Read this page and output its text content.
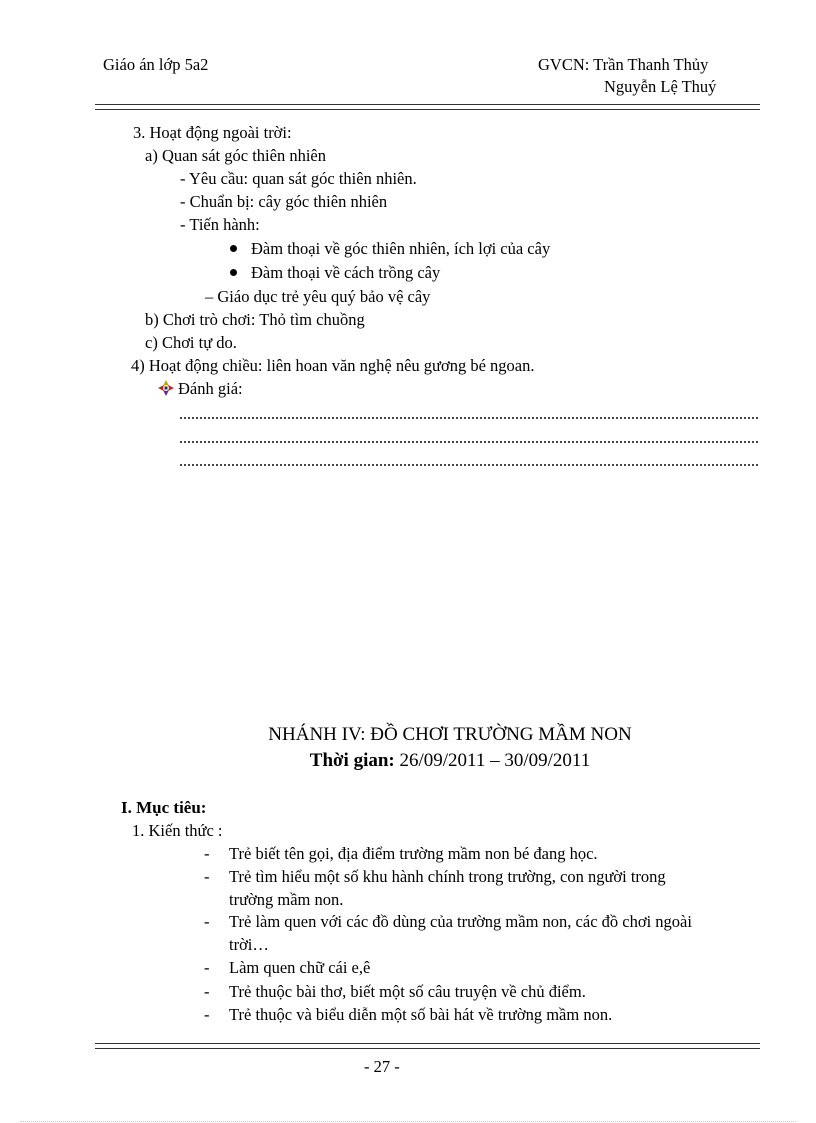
Giáo án lớp 5a2	GVCN: Trần Thanh Thủy
Nguyễn Lệ Thuý
3. Hoạt động ngoài trời:
a) Quan sát góc thiên nhiên
- Yêu cầu: quan sát góc thiên nhiên.
- Chuẩn bị: cây góc thiên nhiên
- Tiến hành:
Đàm thoại về góc thiên nhiên, ích lợi của cây
Đàm thoại về cách trồng cây
– Giáo dục trẻ yêu quý bảo vệ cây
b) Chơi trò chơi: Thỏ tìm chuồng
c) Chơi tự do.
4) Hoạt động chiều: liên hoan văn nghệ nêu gương bé ngoan.
Đánh giá:
NHÁNH IV: ĐỒ CHƠI TRƯỜNG MẦM NON
Thời gian: 26/09/2011 – 30/09/2011
I. Mục tiêu:
1. Kiến thức :
- Trẻ biết tên gọi, địa điểm trường mầm non bé đang học.
- Trẻ tìm hiểu một số khu hành chính trong trường, con người trong
trường mầm non.
- Trẻ làm quen với các đồ dùng của trường mầm non, các đồ chơi ngoài
trời…
- Làm quen chữ cái e,ê
- Trẻ thuộc bài thơ, biết một số câu truyện về chủ điểm.
- Trẻ thuộc và biểu diễn một số bài hát về trường mầm non.
- 27 -
